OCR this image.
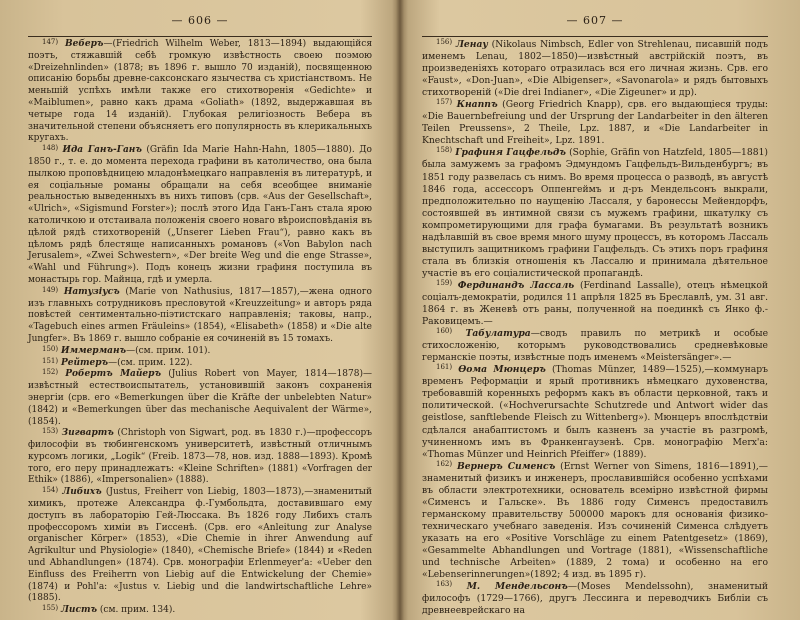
— 606 —

$^{147)}$ Веберъ—(Friedrich Wilhelm Weber, 1813—1894) выдающійся поэтъ, стяжавшій себѣ громкую извѣстность своею поэмою «Dreizehnlinden» (1878; въ 1896 г. вышло 70 изданій), посвященною описанію борьбы древне-саксонскаго язычества съ христіанствомъ. Не меньшій успѣхъ имѣли также его стихотворенія «Gedichte» и «Maiblumen», равно какъ драма «Goliath» (1892, выдержавшая въ четыре года 14 изданій). Глубокая религіозность Вебера въ значительной степени объясняетъ его популярность въ клерикальныхъ кругахъ.

$^{148)}$ Ида Ганъ-Ганъ (Gräfin Ida Marie Hahn-Hahn, 1805—1880). До 1850 г., т. е. до момента перехода графини въ католичество, она была пылкою проповѣдницею младонѣмецкаго направленія въ литературѣ, и ея соціальные романы обращали на себя всеобщее вниманіе реальностью выведенныхъ въ нихъ типовъ (срв. «Aus der Gesellschaft», «Ulrich», «Sigismund Forster»); послѣ этого Ида Ганъ-Ганъ стала ярою католичкою и отстаивала положенія своего новаго вѣроисповѣданія въ цѣлой рядѣ стихотвореній („Unserer Lieben Frau“), равно какъ въ цѣломъ рядѣ блестяще написанныхъ романовъ («Von Babylon nach Jerusalem», «Zwei Schwestern», «Der breite Weg und die enge Strasse», «Wahl und Führung»). Подъ конецъ жизни графиня поступила въ монастырь гор. Майнца, гдѣ и умерла.

$^{149)}$ Натузіусъ (Marie von Nathusius, 1817—1857),—жена одного изъ главныхъ сотрудниковъ пресловутой «Kreuzzeitung» и авторъ ряда повѣстей сентиментально-піэтистскаго направленія; таковы, напр., «Tagebuch eines armen Fräuleins» (1854), «Elisabeth» (1858) и «Die alte Jungfer». Въ 1869 г. вышло собраніе ея сочиненій въ 15 томахъ.

$^{150)}$ Иммерманъ—(см. прим. 101).

$^{151)}$ Рейтеръ—(см. прим. 122).

$^{152)}$ Робертъ Майеръ (Julius Robert von Mayer, 1814—1878)—извѣстный естествоиспытатель, установившій законъ сохраненія энергіи (срв. его «Bemerkungen über die Kräfte der unbelebten Natur» (1842) и «Bemerkungen über das mechanische Aequivalent der Wärme», (1854).

$^{153)}$ Зигвартъ (Christoph von Sigwart, род. въ 1830 г.)—профессоръ философіи въ тюбингенскомъ университетѣ, извѣстный отличнымъ курсомъ логики, „Logik“ (Freib. 1873—78, нов. изд. 1888—1893). Кромѣ того, его перу принадлежатъ: «Kleine Schriften» (1881) «Vorfragen der Ethik» (1886), «Impersonalien» (1888).

$^{154)}$ Либихъ (Justus, Freiherr von Liebig, 1803—1873),—знаменитый химикъ, протеже Александра ф.-Гумбольдта, доставившаго ему доступъ въ лабораторію Гей-Люссака. Въ 1826 году Либихъ сталъ профессоромъ химіи въ Гиссенѣ. (Срв. его «Anleitung zur Analyse organischer Körper» (1853), «Die Chemie in ihrer Anwendung auf Agrikultur und Physiologie» (1840), «Chemische Briefe» (1844) и «Reden und Abhandlungen» (1874). Срв. монографіи Erlenmeyer'a: «Ueber den Einfluss des Freiherrn von Liebig auf die Entwickelung der Chemie» (1874) и Pohl'a: «Justus v. Liebig und die landwirtschaftliche Lehre» (1885).

$^{155)}$ Листъ (см. прим. 134).

— 607 —

$^{156)}$ Ленау (Nikolaus Nimbsch, Edler von Strehlenau, писавшій подъ именемъ Lenau, 1802—1850)—извѣстный австрійскій поэтъ, въ произведеніяхъ котораго отразилась вся его личная жизнь. Срв. его «Faust», «Don-Juan», «Die Albigenser», «Savonarola» и рядъ бытовыхъ стихотвореній («Die drei Indianer», «Die Zigeuner» и др).

$^{157)}$ Кнаппъ (Georg Friedrich Knapp), срв. его выдающіеся труды: «Die Bauernbefreiung und der Ursprung der Landarbeiter in den älteren Teilen Preussens», 2 Theile, Lpz. 1887, и «Die Landarbeiter in Knechtschaft und Freiheit», Lpz. 1891.

$^{158)}$ Графиня Гацфельдъ (Sophie, Gräfin von Hatzfeld, 1805—1881) была замужемъ за графомъ Эдмундомъ Гацфельдъ-Вильденбургъ; въ 1851 году развелась съ нимъ. Во время процесса о разводѣ, въ августѣ 1846 года, ассессоръ Оппенгеймъ и д-ръ Мендельсонъ выкрали, предположительно по наущенію Лассаля, у баронессы Мейендорфъ, состоявшей въ интимной связи съ мужемъ графини, шкатулку съ компрометирующими для графа бумагами. Въ результатѣ возникъ надѣлавшій въ свое время много шуму процессъ, въ которомъ Лассаль выступилъ защитникомъ графини Гацфельдъ. Съ этихъ поръ графиня стала въ близкія отношенія къ Лассалю и принимала дѣятельное участіе въ его соціалистической пропагандѣ.

$^{159)}$ Фердинандъ Лассаль (Ferdinand Lassalle), отецъ нѣмецкой соціалъ-демократіи, родился 11 апрѣля 1825 въ Бреславлѣ, ум. 31 авг. 1864 г. въ Женевѣ отъ раны, полученной на поединкѣ съ Янко ф.-Раковицемъ.—

$^{160)}$ Табулатура—сводъ правилъ по метрикѣ и особые стихосложенію, которымъ руководствовались средневѣковые германскіе поэты, извѣстные подъ именемъ «Meistersänger».—

$^{161)}$ Ѳома Мюнцеръ (Thomas Münzer, 1489—1525),—коммунаръ временъ Реформаціи и ярый противникъ нѣмецкаго духовенства, требовавшій коренныхъ реформъ какъ въ области церковной, такъ и политической. («Hochverursachte Schutzrede und Antwort wider das geistlose, sanftlebende Fleisch zu Wittenberg»). Мюнцеръ впослѣдствіи сдѣлался анабаптистомъ и былъ казненъ за участіе въ разгромѣ, учиненномъ имъ въ Франкенгаузенѣ. Срв. монографію Merx'a: «Thomas Münzer und Heinrich Pfeiffer» (1889).

$^{162)}$ Вернеръ Сименсъ (Ernst Werner von Simens, 1816—1891),—знаменитый физикъ и инженеръ, прославившійся особенно успѣхами въ области электротехники, основатель всемірно извѣстной фирмы «Сименсъ и Гальске». Въ 1886 году Сименсъ предоставилъ германскому правительству 500000 марокъ для основанія физико-техническаго учебнаго заведенія. Изъ сочиненій Сименса слѣдуетъ указать на его «Positive Vorschläge zu einem Patentgesetz» (1869), «Gesammelte Abhandlungen und Vortrage (1881), «Wissenschaftliche und technische Arbeiten» (1889, 2 тома) и особенно на его «Lebenserinnerungen»(1892; 4 изд. въ 1895 г).

$^{163)}$ М. Мендельсонъ—(Moses Mendelssohn), знаменитый философъ (1729—1766), другъ Лессинга и переводчикъ Библіи съ древнееврейскаго на
